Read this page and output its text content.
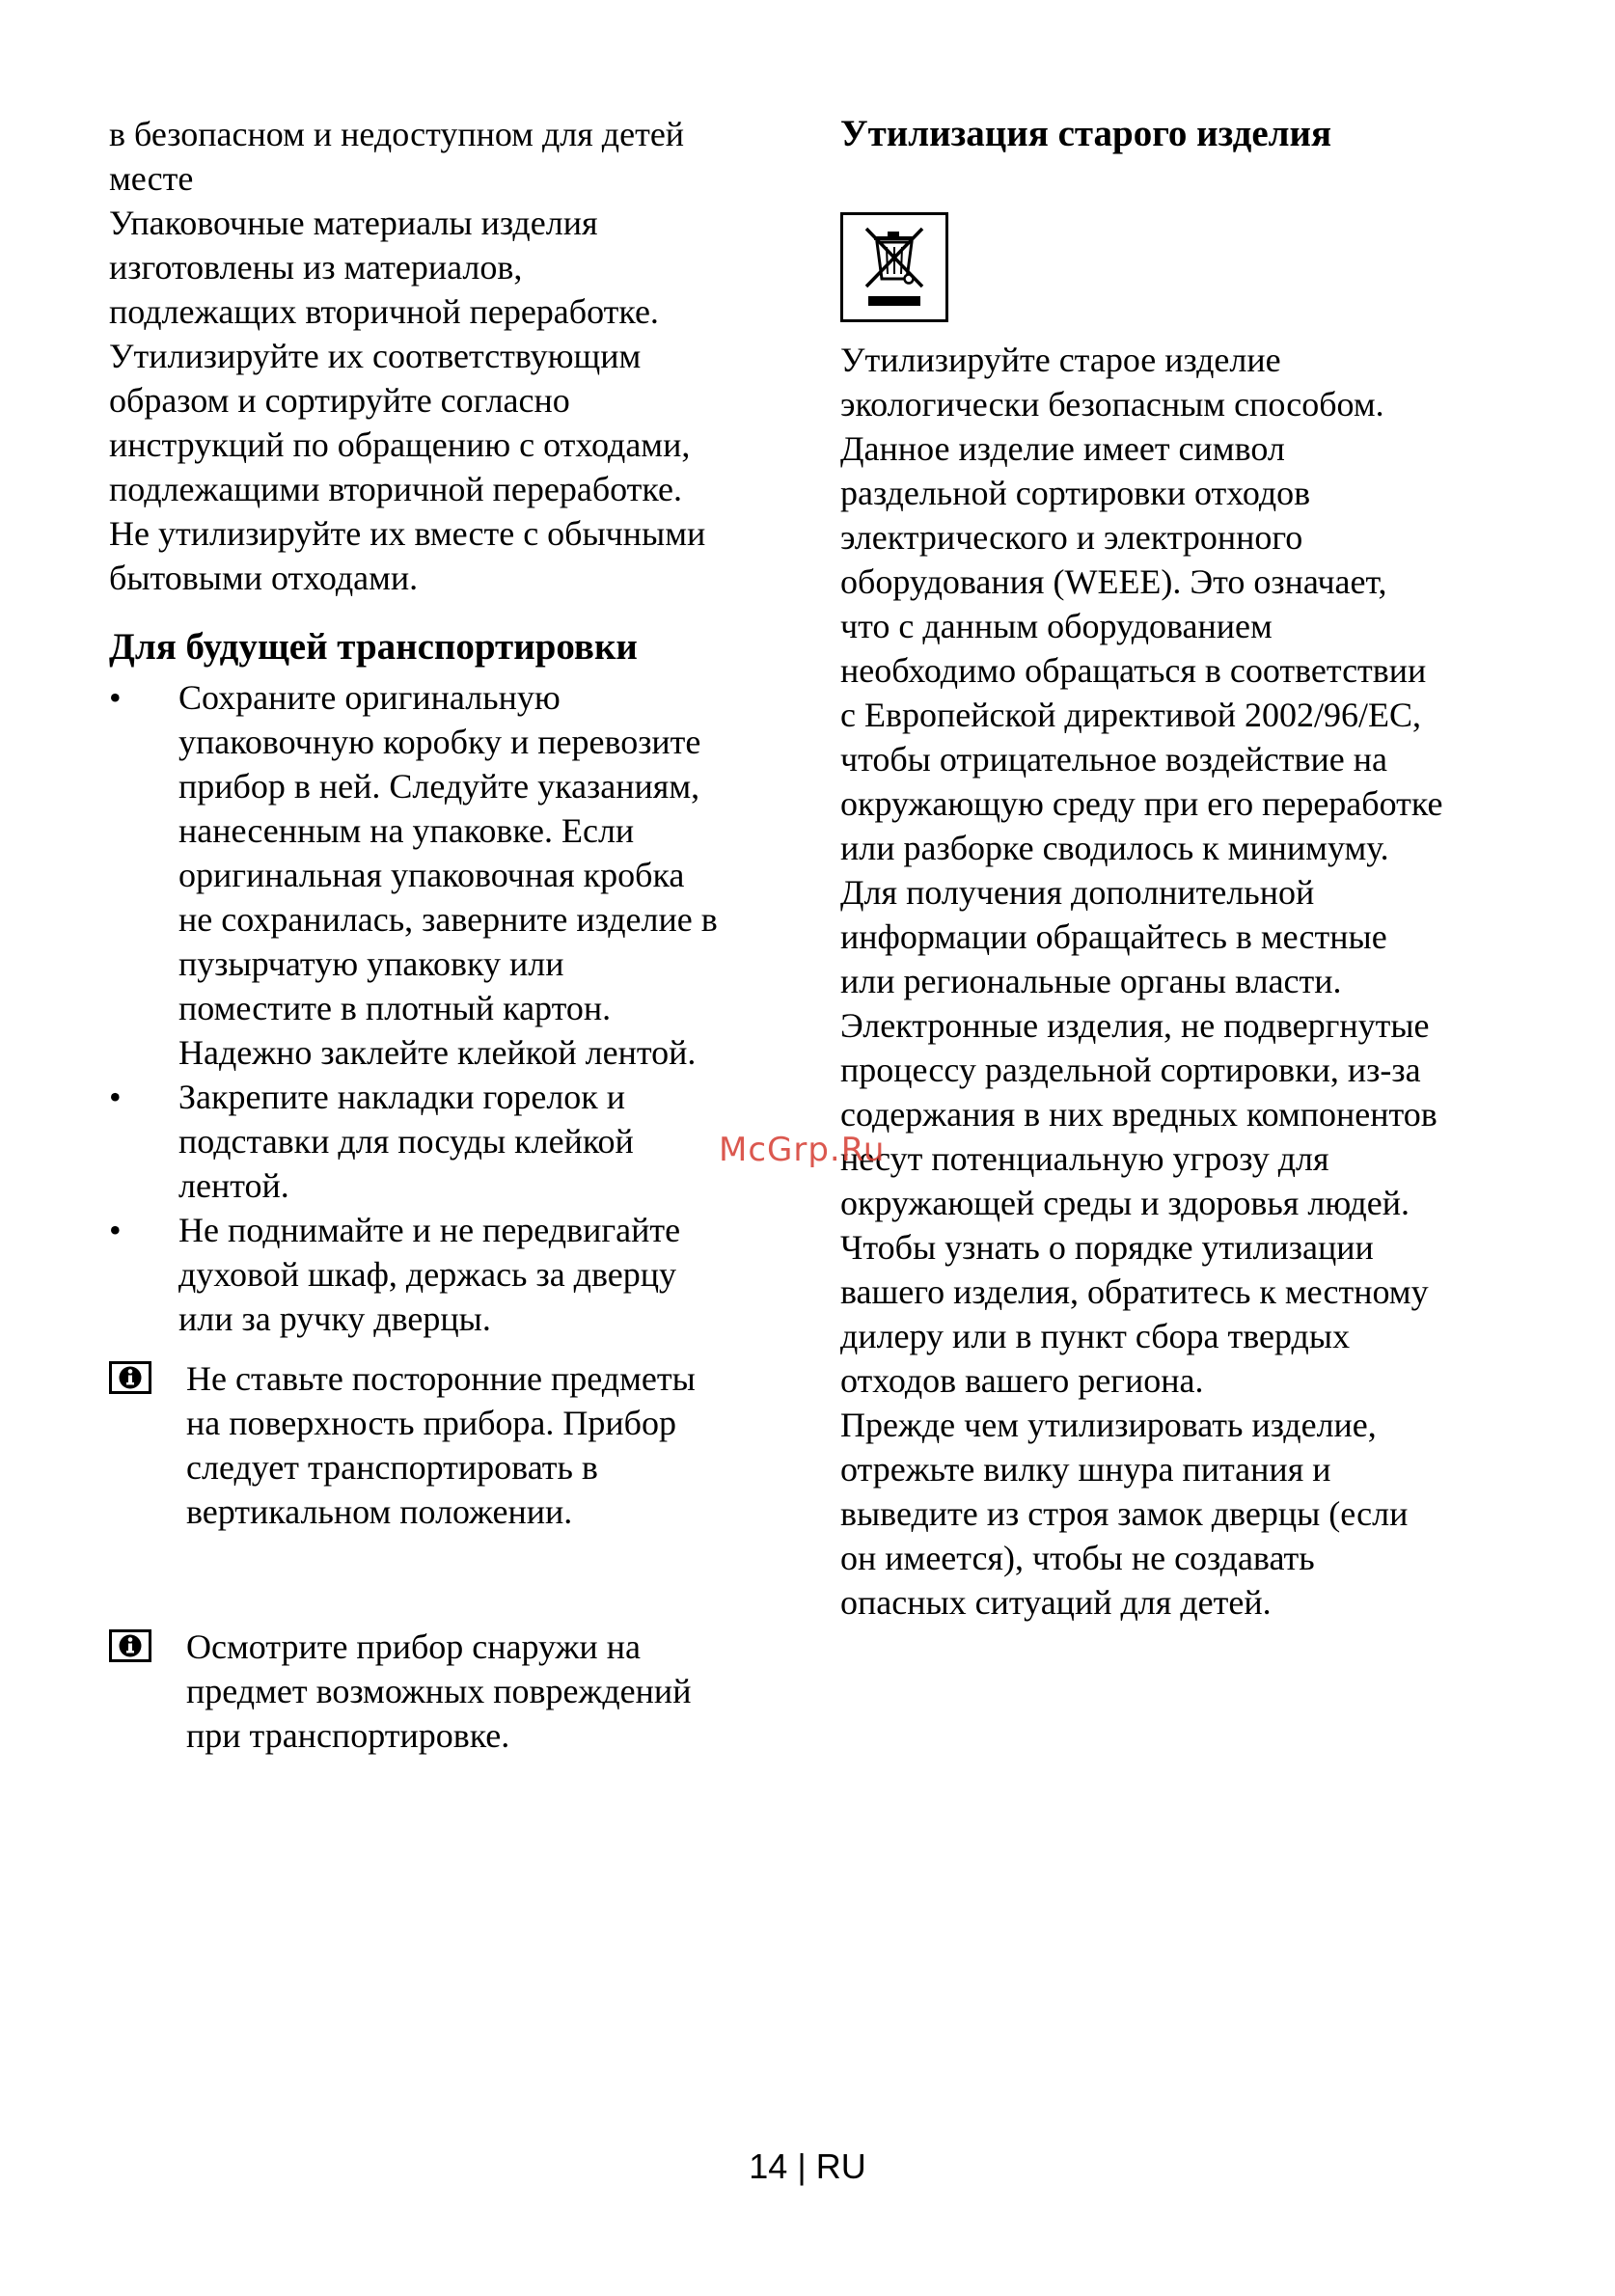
в безопасном и недоступном для детей
месте
Упаковочные материалы изделия
изготовлены из материалов,
подлежащих вторичной переработке.
Утилизируйте их соответствующим
образом и сортируйте согласно
инструкций по обращению с отходами,
подлежащими вторичной переработке.
Не утилизируйте их вместе с обычными
бытовыми отходами.
Для будущей транспортировки
• Сохраните оригинальную
упаковочную коробку и перевозите
прибор в ней. Следуйте указаниям,
нанесенным на упаковке. Если
оригинальная упаковочная кробка
не сохранилась, заверните изделие в
пузырчатую упаковку или
поместите в плотный картон.
Надежно заклейте клейкой лентой.
• Закрепите накладки горелок и
подставки для посуды клейкой
лентой.
• Не поднимайте и не передвигайте
духовой шкаф, держась за дверцу
или за ручку дверцы.
Не ставьте посторонние предметы
на поверхность прибора. Прибор
следует транспортировать в
вертикальном положении.
Осмотрите прибор снаружи на
предмет возможных повреждений
при транспортировке.
Утилизация старого изделия
Утилизируйте старое изделие
экологически безопасным способом.
Данное изделие имеет символ
раздельной сортировки отходов
электрического и электронного
оборудования (WEEE). Это означает,
что с данным оборудованием
необходимо обращаться в соответствии
с Европейской директивой 2002/96/EC,
чтобы отрицательное воздействие на
окружающую среду при его переработке
или разборке сводилось к минимуму.
Для получения дополнительной
информации обращайтесь в местные
или региональные органы власти.
Электронные изделия, не подвергнутые
процессу раздельной сортировки, из-за
содержания в них вредных компонентов
несут потенциальную угрозу для
окружающей среды и здоровья людей.
Чтобы узнать о порядке утилизации
вашего изделия, обратитесь к местному
дилеру или в пункт сбора твердых
отходов вашего региона.
Прежде чем утилизировать изделие,
отрежьте вилку шнура питания и
выведите из строя замок дверцы (если
он имеется), чтобы не создавать
опасных ситуаций для детей.
McGrp.Ru
14 | RU
